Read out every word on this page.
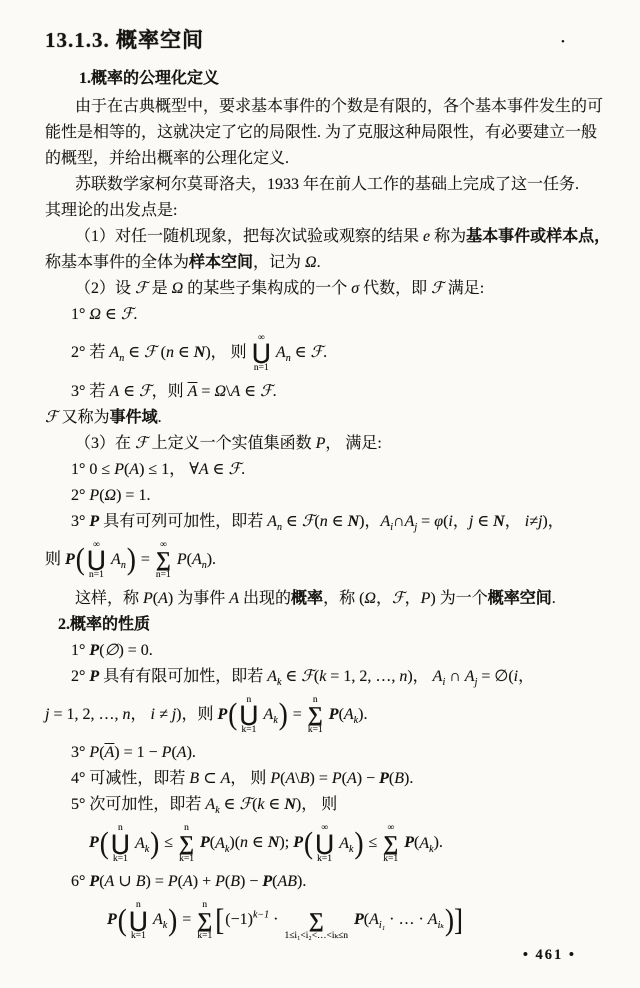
13.1.3. 概率空间	•
1.概率的公理化定义
由于在古典概型中，要求基本事件的个数是有限的，各个基本事件发生的可
能性是相等的，这就决定了它的局限性. 为了克服这种局限性，有必要建立一般
的概型，并给出概率的公理化定义.
苏联数学家柯尔莫哥洛夫，1933 年在前人工作的基础上完成了这一任务.
其理论的出发点是:
（1）对任一随机现象，把每次试验或观察的结果 e 称为基本事件或样本点，
称基本事件的全体为样本空间，记为 Ω.
（2）设 ℱ 是 Ω 的某些子集构成的一个 σ 代数，即 ℱ 满足:
1° Ω ∈ ℱ.
2° 若 $A_n$ ∈ ℱ (n ∈ N)， 则
∞
⋃
n=1
$A_n$ ∈ ℱ.
3° 若 A ∈ ℱ，则 $\overline{A}$ = Ω\A ∈ ℱ.
ℱ 又称为事件域.
（3）在 ℱ 上定义一个实值集函数 P， 满足:
1° 0 ≤ P(A) ≤ 1， ∀A ∈ ℱ.
2° P(Ω) = 1.
3° P 具有可列可加性，即若 $A_n$ ∈ ℱ(n ∈ N)，$A_i\cap A_j = \varphi(i$，j ∈ N， i≠j)，
则 P( ∞
⋃
n=1
$A_n$) =
∞
∑
n=1
$P(A_n)$.
这样，称 P(A) 为事件 A 出现的概率，称 (Ω，ℱ，P) 为一个概率空间.
2.概率的性质
1° P(∅) = 0.
2° P 具有有限可加性，即若 $A_k$ ∈ ℱ(k = 1, 2, …, n)， $A_i$ ∩ $A_j$ = ∅(i，
j = 1, 2, …, n， i ≠ j)，则 P( n
⋃
k=1
$A_k$) =
n
∑
k=1
$P(A_k)$.
3° $P(\overline{A}) = 1 - P(A)$.
4° 可减性，即若 B ⊂ A， 则 P(A\B) = P(A) − P(B).
5° 次可加性，即若 $A_k$ ∈ ℱ(k ∈ N)， 则
P( n
⋃
k=1
$A_k$) ≤
n
∑
k=1
$P(A_k)(n$ ∈ N); P( ∞
⋃
k=1
$A_k$) ≤
∞
∑
k=1
$P(A_k)$.
6° P(A ∪ B) = P(A) + P(B) − P(AB).
P( n
⋃
k=1
$A_k$) =
n
∑
k=1 [$(-1)^{k-1}$ ·
∑
1≤i₁<i₂<…<iₖ≤n
$P(A_{i_1}$ · … · $A_{i_k}$)]
• 461 •
